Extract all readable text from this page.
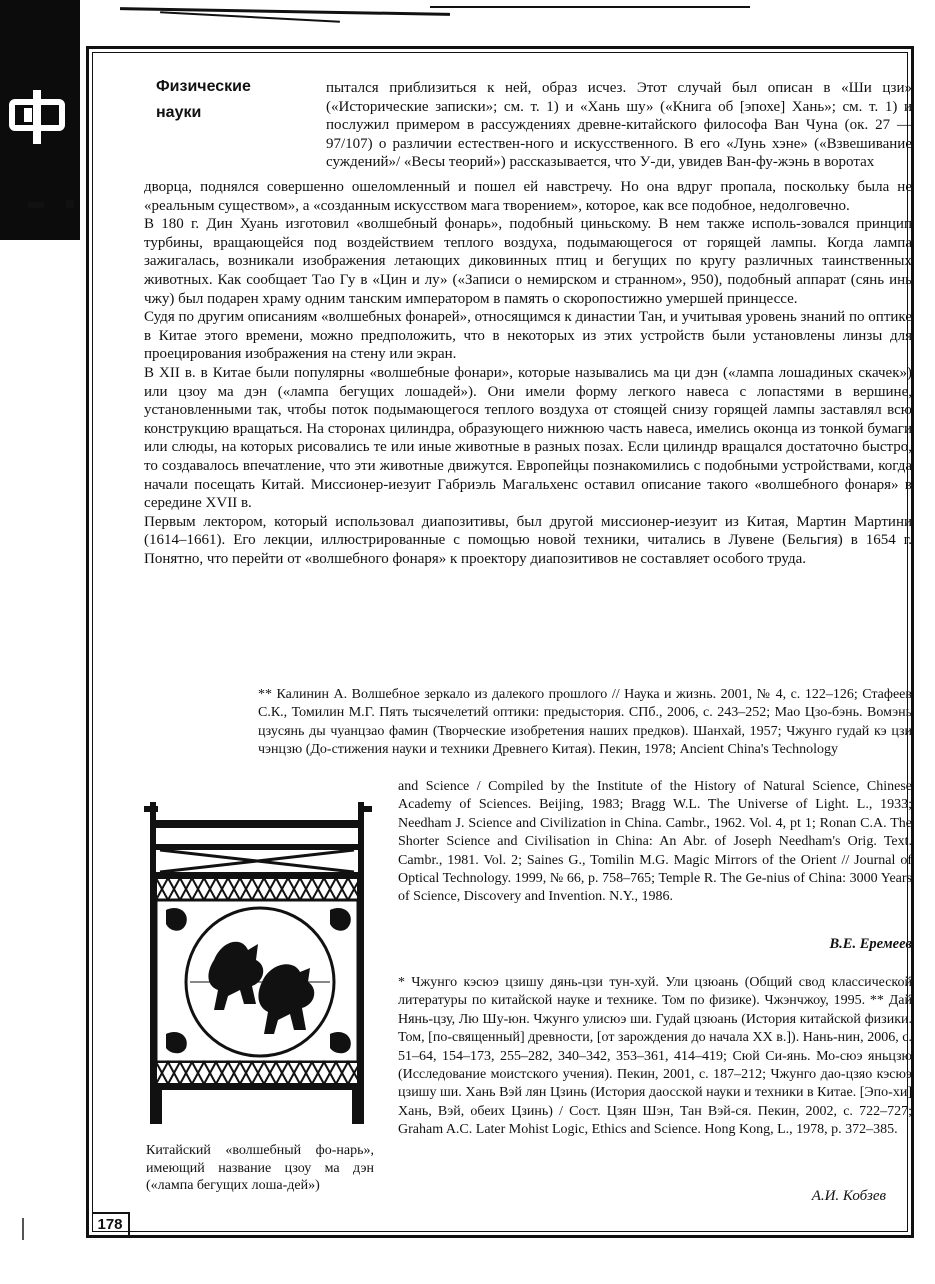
Физические
науки

пытался приблизиться к ней, образ исчез. Этот случай был описан в «Ши цзи» («Исторические записки»; см. т. 1) и «Хань шу» («Книга об [эпохе] Хань»; см. т. 1) и послужил примером в рассуждениях древне-китайского философа Ван Чуна (ок. 27 — 97/107) о различии естествен-ного и искусственного. В его «Лунь хэне» («Взвешивание суждений»/ «Весы теорий») рассказывается, что У-ди, увидев Ван-фу-жэнь в воротах

дворца, поднялся совершенно ошеломленный и пошел ей навстречу. Но она вдруг пропала, поскольку была не «реальным существом», а «созданным искусством мага творением», которое, как все подобное, недолговечно.

В 180 г. Дин Хуань изготовил «волшебный фонарь», подобный циньскому. В нем также исполь-зовался принцип турбины, вращающейся под воздействием теплого воздуха, подымающегося от горящей лампы. Когда лампа зажигалась, возникали изображения летающих диковинных птиц и бегущих по кругу различных таинственных животных. Как сообщает Тао Гу в «Цин и лу» («Записи о немирском и странном», 950), подобный аппарат (сянь инь чжу) был подарен храму одним танским императором в память о скоропостижно умершей принцессе.

Судя по другим описаниям «волшебных фонарей», относящимся к династии Тан, и учитывая уровень знаний по оптике в Китае этого времени, можно предположить, что в некоторых из этих устройств были установлены линзы для проецирования изображения на стену или экран.

В XII в. в Китае были популярны «волшебные фонари», которые назывались ма ци дэн («лампа лошадиных скачек») или цзоу ма дэн («лампа бегущих лошадей»). Они имели форму легкого навеса с лопастями в вершине, установленными так, чтобы поток подымающегося теплого воздуха от стоящей снизу горящей лампы заставлял всю конструкцию вращаться. На сторонах цилиндра, образующего нижнюю часть навеса, имелись оконца из тонкой бумаги или слюды, на которых рисовались те или иные животные в разных позах. Если цилиндр вращался достаточно быстро, то создавалось впечатление, что эти животные движутся. Европейцы познакомились с подобными устройствами, когда начали посещать Китай. Миссионер-иезуит Габриэль Магальхенс оставил описание такого «волшебного фонаря» в середине XVII в.

Первым лектором, который использовал диапозитивы, был другой миссионер-иезуит из Китая, Мартин Мартини (1614–1661). Его лекции, иллюстрированные с помощью новой техники, читались в Лувене (Бельгия) в 1654 г. Понятно, что перейти от «волшебного фонаря» к проектору диапозитивов не составляет особого труда.

** Калинин А. Волшебное зеркало из далекого прошлого // Наука и жизнь. 2001, № 4, с. 122–126; Стафеев С.К., Томилин М.Г. Пять тысячелетий оптики: предыстория. СПб., 2006, с. 243–252; Мао Цзо-бэнь. Вомэнь цзусянь ды чуанцзао фамин (Творческие изобретения наших предков). Шанхай, 1957; Чжунго гудай кэ цзи чэнцзю (До-стижения науки и техники Древнего Китая). Пекин, 1978; Ancient China's Technology
and Science / Compiled by the Institute of the History of Natural Science, Chinese Academy of Sciences. Beijing, 1983; Bragg W.L. The Universe of Light. L., 1933; Needham J. Science and Civilization in China. Cambr., 1962. Vol. 4, pt 1; Ronan C.A. The Shorter Science and Civilisation in China: An Abr. of Joseph Needham's Orig. Text. Cambr., 1981. Vol. 2; Saines G., Tomilin M.G. Magic Mirrors of the Orient // Journal of Optical Technology. 1999, № 66, p. 758–765; Temple R. The Ge-nius of China: 3000 Years of Science, Discovery and Invention. N.Y., 1986.
В.Е. Еремеев
* Чжунго кэсюэ цзишу дянь-цзи тун-хуй. Ули цзюань (Общий свод классической литературы по китайской науке и технике. Том по физике). Чжэнчжоу, 1995. ** Дай Нянь-цзу, Лю Шу-юн. Чжунго улисюэ ши. Гудай цзюань (История китайской физики. Том, [по-священный] древности, [от зарождения до начала XX в.]). Нань-нин, 2006, с. 51–64, 154–173, 255–282, 340–342, 353–361, 414–419; Сюй Си-янь. Мо-сюэ яньцзю (Исследование моистского учения). Пекин, 2001, с. 187–212; Чжунго дао-цзяо кэсюэ цзишу ши. Хань Вэй лян Цзинь (История даосской науки и техники в Китае. [Эпо-хи] Хань, Вэй, обеих Цзинь) / Сост. Цзян Шэн, Тан Вэй-ся. Пекин, 2002, с. 722–727; Graham A.C. Later Mohist Logic, Ethics and Science. Hong Kong, L., 1978, p. 372–385.
А.И. Кобзев
Китайский «волшебный фо-нарь», имеющий название цзоу ма дэн («лампа бегущих лоша-дей»)
178
